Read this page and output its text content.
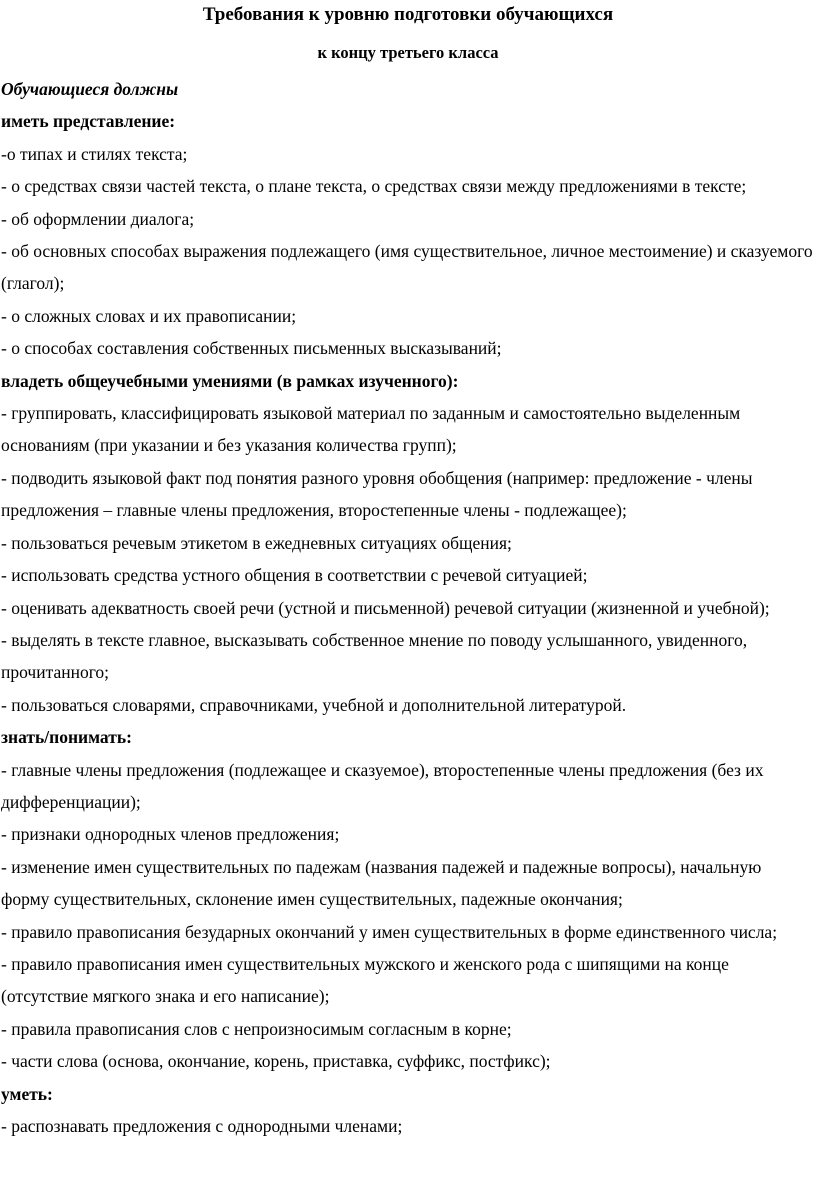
Требования к уровню подготовки обучающихся
к концу третьего класса

Обучающиеся должны

иметь представление:

-о типах и стилях текста;

- о средствах связи частей текста, о плане текста, о средствах связи между предложениями в тексте;

- об оформлении диалога;

- об основных способах выражения подлежащего (имя существительное, личное местоимение) и сказуемого (глагол);

- о сложных словах и их правописании;

- о способах составления собственных письменных высказываний;

владеть общеучебными умениями (в рамках изученного):

- группировать, классифицировать языковой материал по заданным и самостоятельно выделенным основаниям (при указании и без указания количества групп);

- подводить языковой факт под понятия разного уровня обобщения (например: предложение - члены предложения – главные члены предложения, второстепенные члены - подлежащее);

- пользоваться речевым этикетом в ежедневных ситуациях общения;

- использовать средства устного общения в соответствии с речевой ситуацией;

- оценивать адекватность своей речи (устной и письменной) речевой ситуации (жизненной и учебной);

- выделять в тексте главное, высказывать собственное мнение по поводу услышанного, увиденного, прочитанного;

- пользоваться словарями, справочниками, учебной и дополнительной литературой.

знать/понимать:

- главные члены предложения (подлежащее и сказуемое), второстепенные члены предложения (без их дифференциации);

- признаки однородных членов предложения;

- изменение имен существительных по падежам (названия падежей и падежные вопросы), начальную форму существительных, склонение имен существительных, падежные окончания;

- правило правописания безударных окончаний у имен существительных в форме единственного числа;

- правило правописания имен существительных мужского и женского рода с шипящими на конце (отсутствие мягкого знака и его написание);

- правила правописания слов с непроизносимым согласным в корне;

- части слова (основа, окончание, корень, приставка, суффикс, постфикс);

уметь:

- распознавать предложения с однородными членами;
